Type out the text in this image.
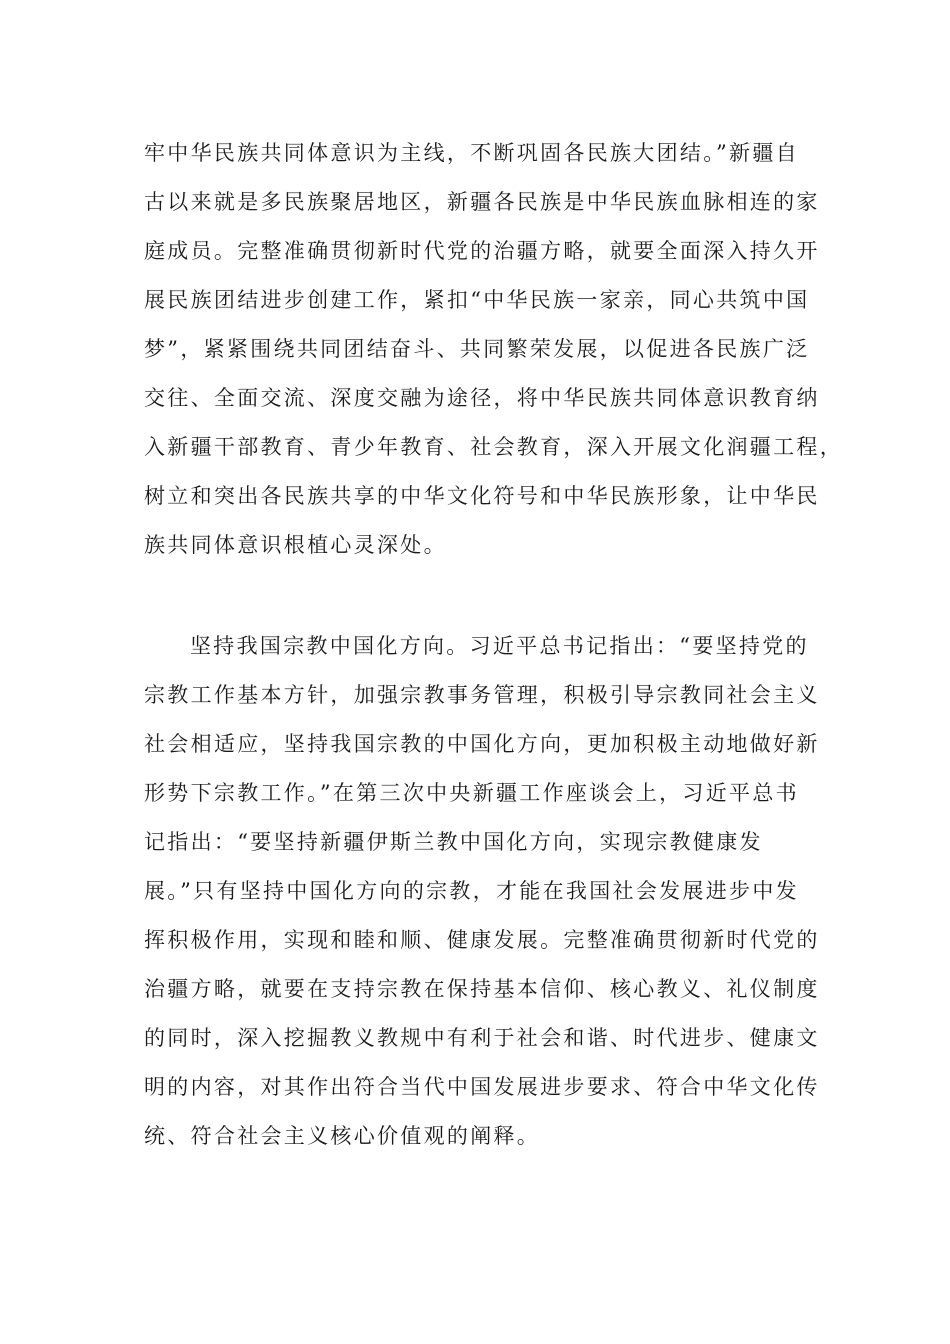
牢中华民族共同体意识为主线，不断巩固各民族大团结。”新疆自
古以来就是多民族聚居地区，新疆各民族是中华民族血脉相连的家
庭成员。完整准确贯彻新时代党的治疆方略，就要全面深入持久开
展民族团结进步创建工作，紧扣“中华民族一家亲，同心共筑中国
梦”，紧紧围绕共同团结奋斗、共同繁荣发展，以促进各民族广泛
交往、全面交流、深度交融为途径，将中华民族共同体意识教育纳
入新疆干部教育、青少年教育、社会教育，深入开展文化润疆工程，
树立和突出各民族共享的中华文化符号和中华民族形象，让中华民
族共同体意识根植心灵深处。
坚持我国宗教中国化方向。习近平总书记指出：“要坚持党的
宗教工作基本方针，加强宗教事务管理，积极引导宗教同社会主义
社会相适应，坚持我国宗教的中国化方向，更加积极主动地做好新
形势下宗教工作。”在第三次中央新疆工作座谈会上，习近平总书
记指出：“要坚持新疆伊斯兰教中国化方向，实现宗教健康发
展。”只有坚持中国化方向的宗教，才能在我国社会发展进步中发
挥积极作用，实现和睦和顺、健康发展。完整准确贯彻新时代党的
治疆方略，就要在支持宗教在保持基本信仰、核心教义、礼仪制度
的同时，深入挖掘教义教规中有利于社会和谐、时代进步、健康文
明的内容，对其作出符合当代中国发展进步要求、符合中华文化传
统、符合社会主义核心价值观的阐释。
